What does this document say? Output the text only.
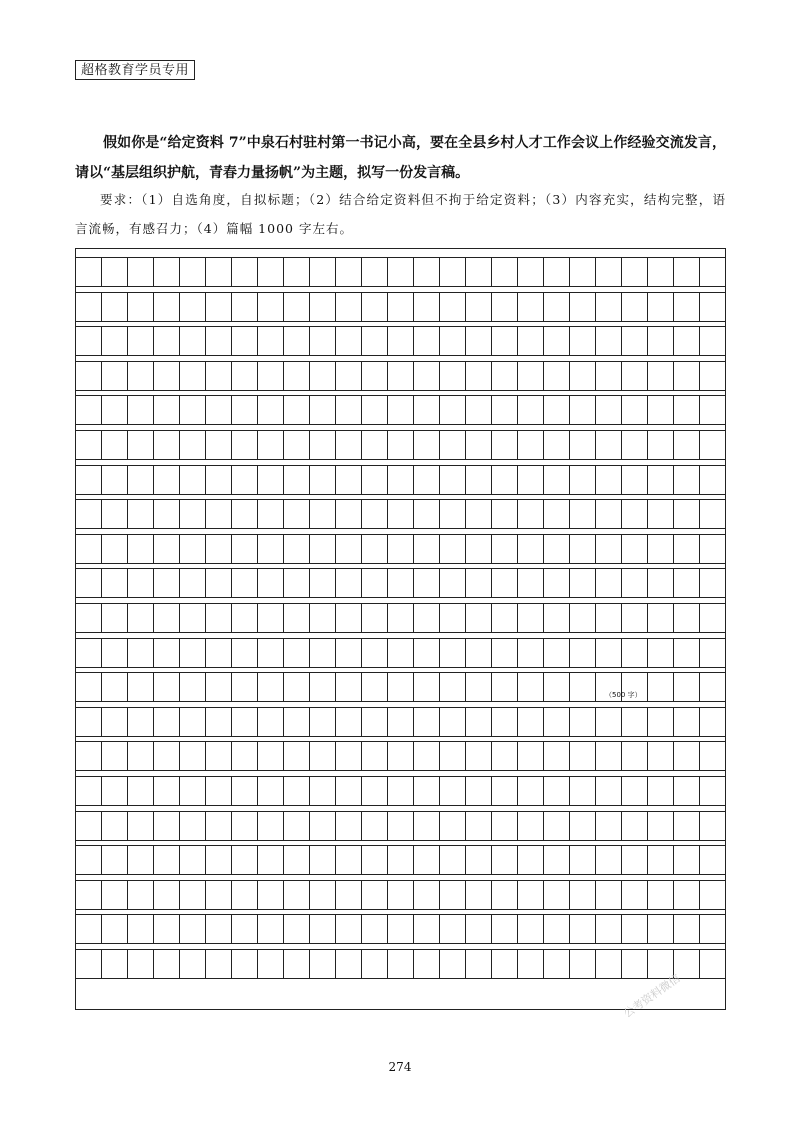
超格教育学员专用
假如你是“给定资料 7”中泉石村驻村第一书记小高，要在全县乡村人才工作会议上作经验交流发言，请以“基层组织护航，青春力量扬帆”为主题，拟写一份发言稿。
要求：（1）自选角度，自拟标题；（2）结合给定资料但不拘于给定资料；（3）内容充实，结构完整，语言流畅，有感召力；（4）篇幅 1000 字左右。
（500 字）
公考资料微信
274
